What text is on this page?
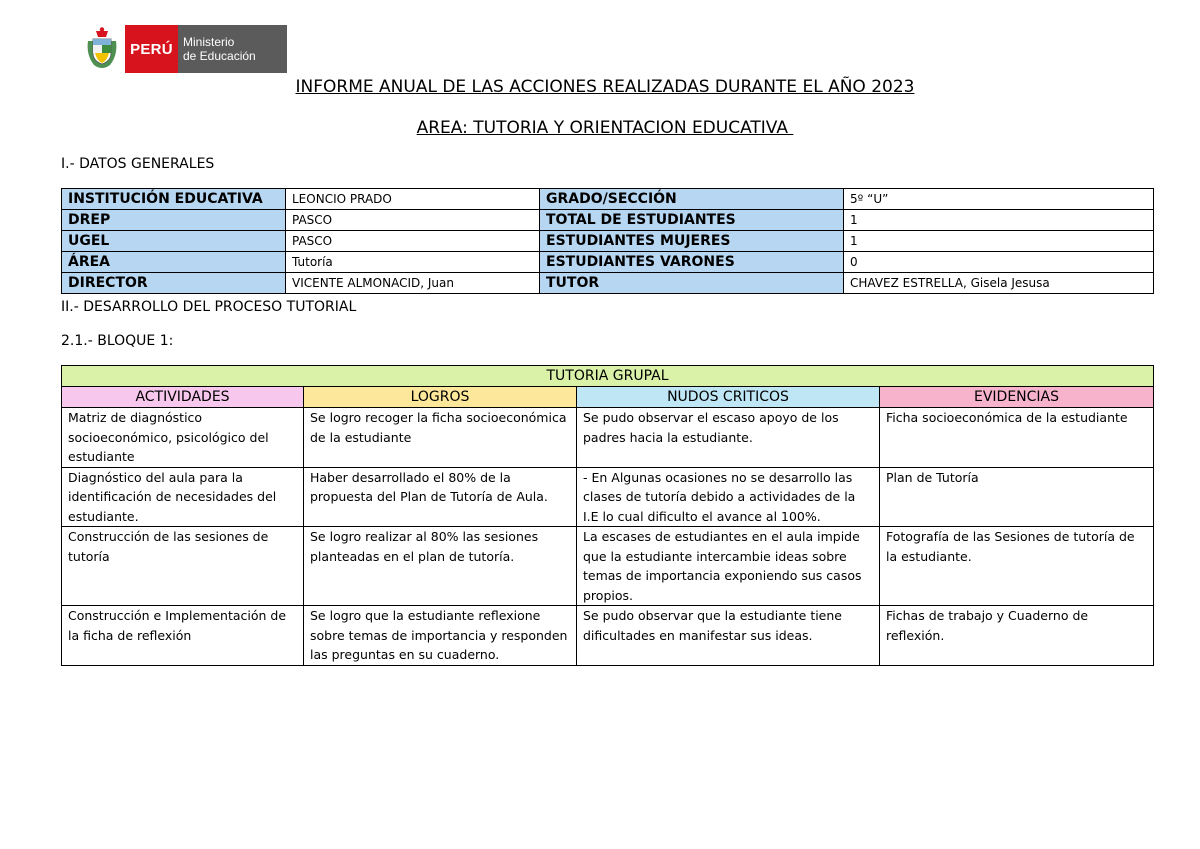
PERÚ Ministerio
de Educación
INFORME ANUAL DE LAS ACCIONES REALIZADAS DURANTE EL AÑO 2023
AREA: TUTORIA Y ORIENTACION EDUCATIVA
I.- DATOS GENERALES
INSTITUCIÓN EDUCATIVA	LEONCIO PRADO	GRADO/SECCIÓN	5º “U”
DREP	PASCO	TOTAL DE ESTUDIANTES	1
UGEL	PASCO	ESTUDIANTES MUJERES	1
ÁREA	Tutoría	ESTUDIANTES VARONES	0
DIRECTOR	VICENTE ALMONACID, Juan	TUTOR	CHAVEZ ESTRELLA, Gisela Jesusa
II.- DESARROLLO DEL PROCESO TUTORIAL
2.1.- BLOQUE 1:
TUTORIA GRUPAL			
ACTIVIDADES	LOGROS	NUDOS CRITICOS	EVIDENCIAS
Matriz de diagnóstico socioeconómico, psicológico del estudiante	Se logro recoger la ficha socioeconómica de la estudiante	Se pudo observar el escaso apoyo de los padres hacia la estudiante.	Ficha socioeconómica de la estudiante
Diagnóstico del aula para la identificación de necesidades del estudiante.	Haber desarrollado el 80% de la propuesta del Plan de Tutoría de Aula.	- En Algunas ocasiones no se desarrollo las clases de tutoría debido a actividades de la I.E lo cual dificulto el avance al 100%.	Plan de Tutoría
Construcción de las sesiones de tutoría	Se logro realizar al 80% las sesiones planteadas en el plan de tutoría.	La escases de estudiantes en el aula impide que la estudiante intercambie ideas sobre temas de importancia exponiendo sus casos propios.	Fotografía de las Sesiones de tutoría de la estudiante.
Construcción e Implementación de la ficha de reflexión	Se logro que la estudiante reflexione sobre temas de importancia y responden las preguntas en su cuaderno.	Se pudo observar que la estudiante tiene dificultades en manifestar sus ideas.	Fichas de trabajo y Cuaderno de reflexión.
